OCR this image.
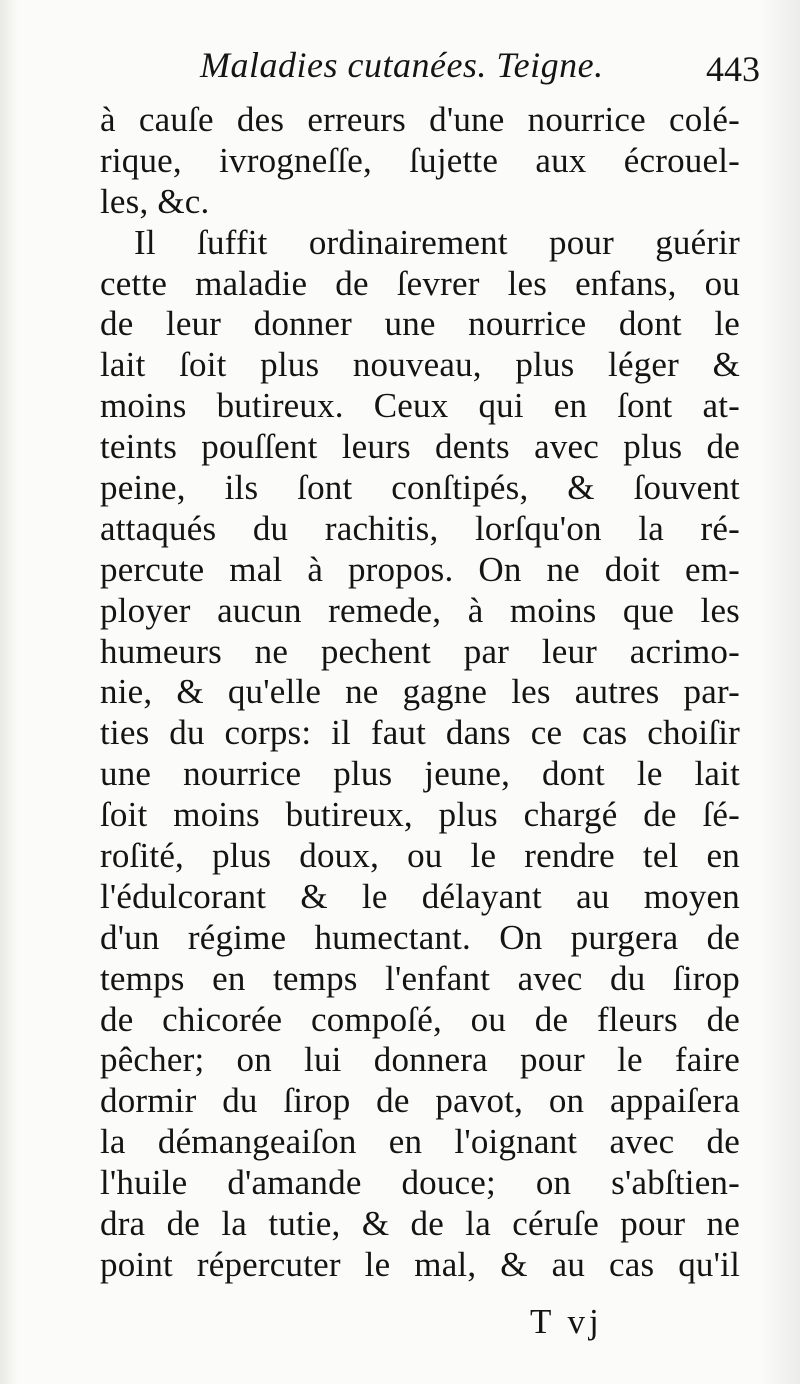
Maladies cutanées. Teigne.	443
à cauſe des erreurs d'une nourrice colé-
rique, ivrogneſſe, ſujette aux écrouel-
les, &c.
Il ſuffit ordinairement pour guérir
cette maladie de ſevrer les enfans, ou
de leur donner une nourrice dont le
lait ſoit plus nouveau, plus léger &
moins butireux. Ceux qui en ſont at-
teints pouſſent leurs dents avec plus de
peine, ils ſont conſtipés, & ſouvent
attaqués du rachitis, lorſqu'on la ré-
percute mal à propos. On ne doit em-
ployer aucun remede, à moins que les
humeurs ne pechent par leur acrimo-
nie, & qu'elle ne gagne les autres par-
ties du corps: il faut dans ce cas choiſir
une nourrice plus jeune, dont le lait
ſoit moins butireux, plus chargé de ſé-
roſité, plus doux, ou le rendre tel en
l'édulcorant & le délayant au moyen
d'un régime humectant. On purgera de
temps en temps l'enfant avec du ſirop
de chicorée compoſé, ou de fleurs de
pêcher; on lui donnera pour le faire
dormir du ſirop de pavot, on appaiſera
la démangeaiſon en l'oignant avec de
l'huile d'amande douce; on s'abſtien-
dra de la tutie, & de la céruſe pour ne
point répercuter le mal, & au cas qu'il
T vj
